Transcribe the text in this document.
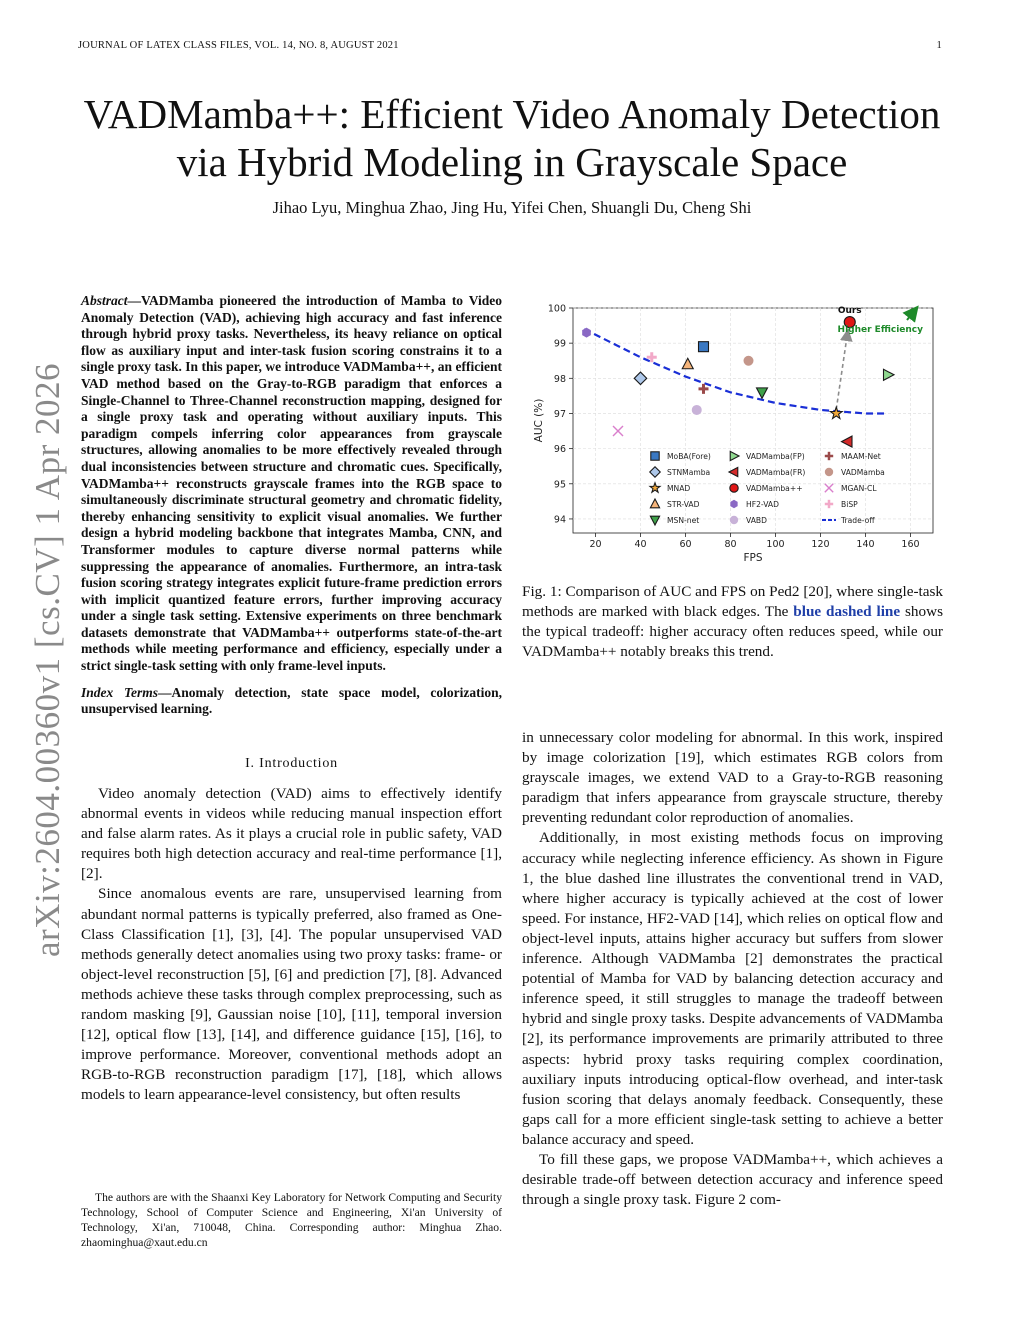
JOURNAL OF LATEX CLASS FILES, VOL. 14, NO. 8, AUGUST 2021	1
VADMamba++: Efficient Video Anomaly Detection
via Hybrid Modeling in Grayscale Space
Jihao Lyu, Minghua Zhao, Jing Hu, Yifei Chen, Shuangli Du, Cheng Shi
arXiv:2604.00360v1 [cs.CV] 1 Apr 2026
Abstract—VADMamba pioneered the introduction of Mamba to Video Anomaly Detection (VAD), achieving high accuracy and fast inference through hybrid proxy tasks. Nevertheless, its heavy reliance on optical flow as auxiliary input and inter-task fusion scoring constrains it to a single proxy task. In this paper, we introduce VADMamba++, an efficient VAD method based on the Gray-to-RGB paradigm that enforces a Single-Channel to Three-Channel reconstruction mapping, designed for a single proxy task and operating without auxiliary inputs. This paradigm compels inferring color appearances from grayscale structures, allowing anomalies to be more effectively revealed through dual inconsistencies between structure and chromatic cues. Specifically, VADMamba++ reconstructs grayscale frames into the RGB space to simultaneously discriminate structural geometry and chromatic fidelity, thereby enhancing sensitivity to explicit visual anomalies. We further design a hybrid modeling backbone that integrates Mamba, CNN, and Transformer modules to capture diverse normal patterns while suppressing the appearance of anomalies. Furthermore, an intra-task fusion scoring strategy integrates explicit future-frame prediction errors with implicit quantized feature errors, further improving accuracy under a single task setting. Extensive experiments on three benchmark datasets demonstrate that VADMamba++ outperforms state-of-the-art methods while meeting performance and efficiency, especially under a strict single-task setting with only frame-level inputs.
Index Terms—Anomaly detection, state space model, colorization, unsupervised learning.
I. Introduction

Video anomaly detection (VAD) aims to effectively identify abnormal events in videos while reducing manual inspection effort and false alarm rates. As it plays a crucial role in public safety, VAD requires both high detection accuracy and real-time performance [1], [2].

Since anomalous events are rare, unsupervised learning from abundant normal patterns is typically preferred, also framed as One-Class Classification [1], [3], [4]. The popular unsupervised VAD methods generally detect anomalies using two proxy tasks: frame- or object-level reconstruction [5], [6] and prediction [7], [8]. Advanced methods achieve these tasks through complex preprocessing, such as random masking [9], Gaussian noise [10], [11], temporal inversion [12], optical flow [13], [14], and difference guidance [15], [16], to improve performance. Moreover, conventional methods adopt an RGB-to-RGB reconstruction paradigm [17], [18], which allows models to learn appearance-level consistency, but often results

The authors are with the Shaanxi Key Laboratory for Network Computing and Security Technology, School of Computer Science and Engineering, Xi'an University of Technology, Xi'an, 710048, China. Corresponding author: Minghua Zhao. zhaominghua@xaut.edu.cn
20	40	60	80	100	120	140	160
94
95
96
97
98
99
100
FPS
AUC (%)
Ours
Higher Efficiency
MoBA(Fore)
STNMamba
MNAD
STR-VAD
MSN-net
VADMamba(FP)
VADMamba(FR)
VADMamba++
HF2-VAD
VABD
MAAM-Net
VADMamba
MGAN-CL
BiSP
Trade-off
Fig. 1: Comparison of AUC and FPS on Ped2 [20], where single-task methods are marked with black edges. The blue dashed line shows the typical tradeoff: higher accuracy often reduces speed, while our VADMamba++ notably breaks this trend.

in unnecessary color modeling for abnormal. In this work, inspired by image colorization [19], which estimates RGB colors from grayscale images, we extend VAD to a Gray-to-RGB reasoning paradigm that infers appearance from grayscale structure, thereby preventing redundant color reproduction of anomalies.

Additionally, in most existing methods focus on improving accuracy while neglecting inference efficiency. As shown in Figure 1, the blue dashed line illustrates the conventional trend in VAD, where higher accuracy is typically achieved at the cost of lower speed. For instance, HF2-VAD [14], which relies on optical flow and object-level inputs, attains higher accuracy but suffers from slower inference. Although VADMamba [2] demonstrates the practical potential of Mamba for VAD by balancing detection accuracy and inference speed, it still struggles to manage the tradeoff between hybrid and single proxy tasks. Despite advancements of VADMamba [2], its performance improvements are primarily attributed to three aspects: hybrid proxy tasks requiring complex coordination, auxiliary inputs introducing optical-flow overhead, and inter-task fusion scoring that delays anomaly feedback. Consequently, these gaps call for a more efficient single-task setting to achieve a better balance accuracy and speed.

To fill these gaps, we propose VADMamba++, which achieves a desirable trade-off between detection accuracy and inference speed through a single proxy task. Figure 2 com-
